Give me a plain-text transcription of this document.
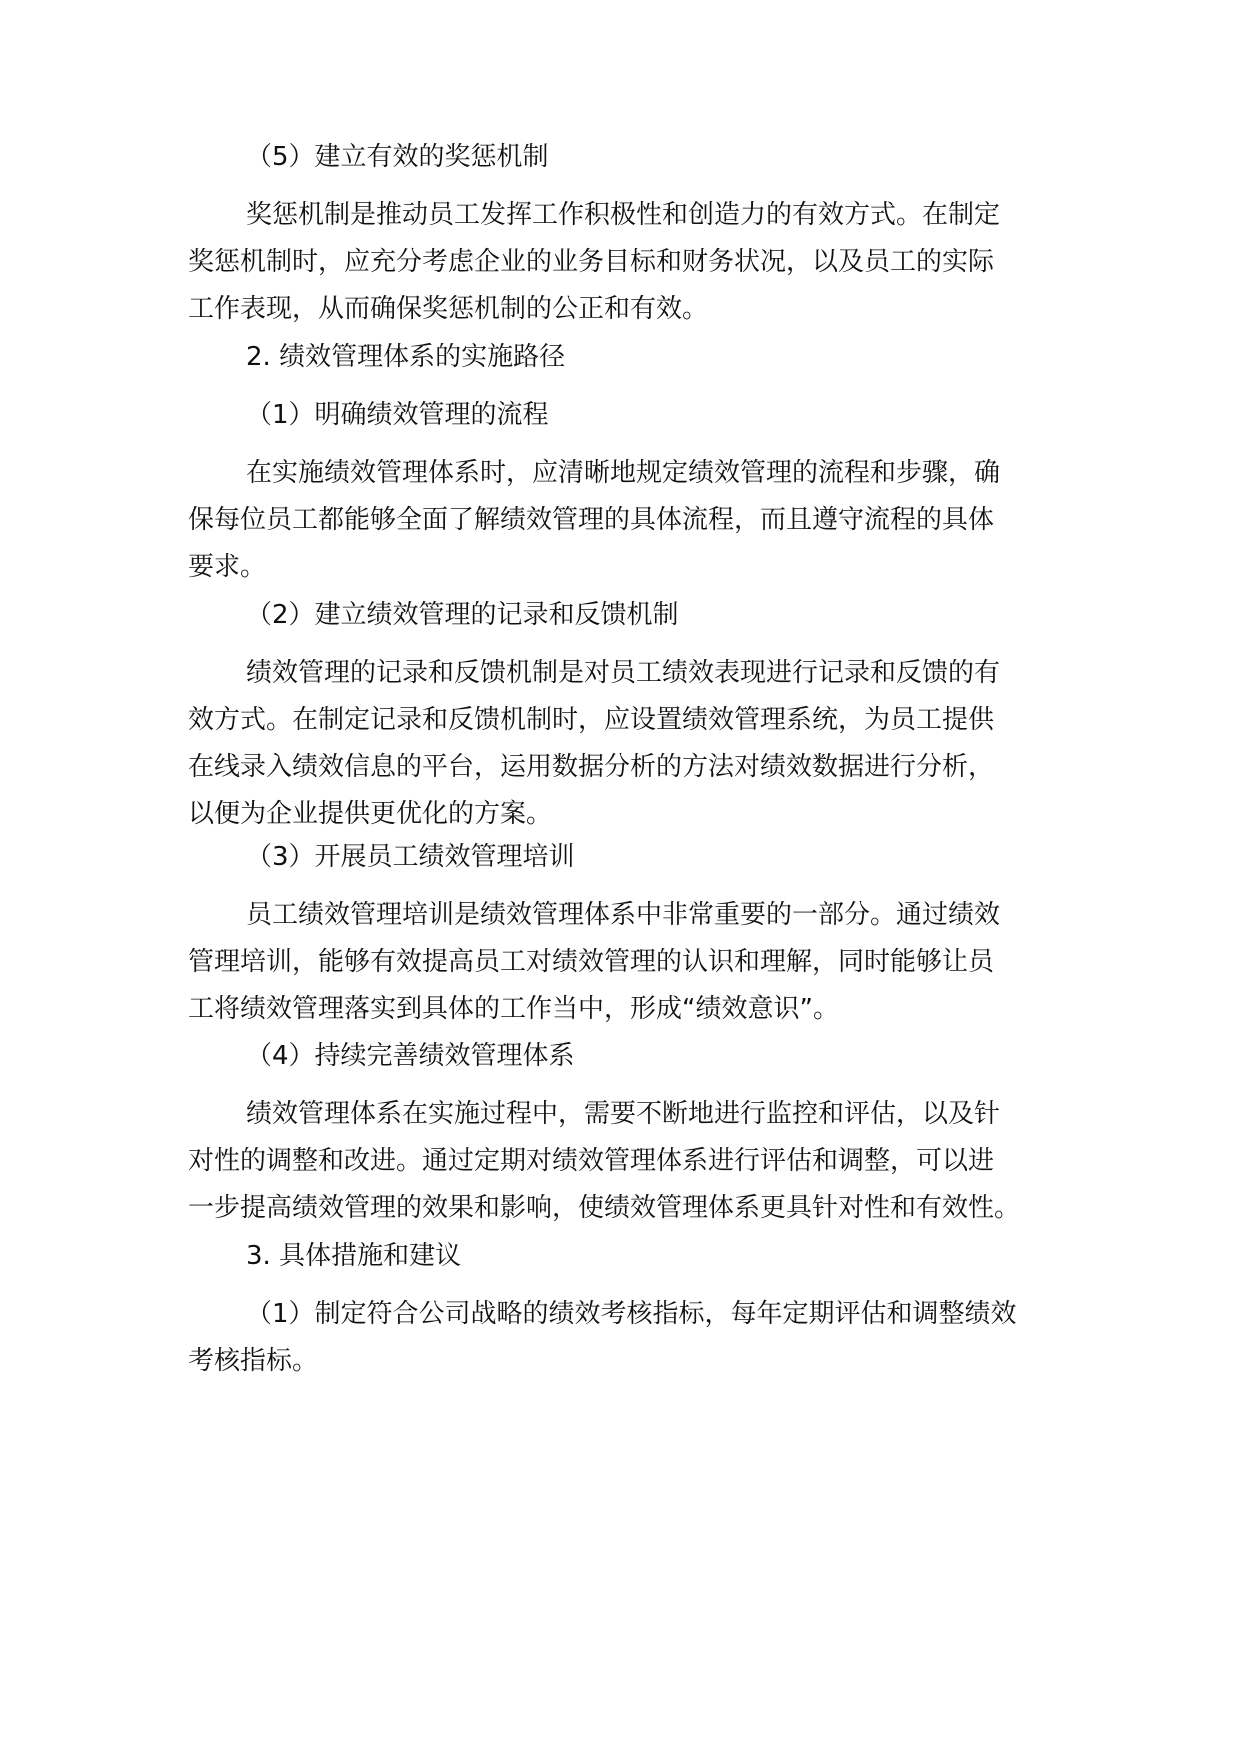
（5）建立有效的奖惩机制
奖惩机制是推动员工发挥工作积极性和创造力的有效方式。在制定
奖惩机制时，应充分考虑企业的业务目标和财务状况，以及员工的实际
工作表现，从而确保奖惩机制的公正和有效。
2. 绩效管理体系的实施路径
（1）明确绩效管理的流程
在实施绩效管理体系时，应清晰地规定绩效管理的流程和步骤，确
保每位员工都能够全面了解绩效管理的具体流程，而且遵守流程的具体
要求。
（2）建立绩效管理的记录和反馈机制
绩效管理的记录和反馈机制是对员工绩效表现进行记录和反馈的有
效方式。在制定记录和反馈机制时，应设置绩效管理系统，为员工提供
在线录入绩效信息的平台，运用数据分析的方法对绩效数据进行分析，
以便为企业提供更优化的方案。
（3）开展员工绩效管理培训
员工绩效管理培训是绩效管理体系中非常重要的一部分。通过绩效
管理培训，能够有效提高员工对绩效管理的认识和理解，同时能够让员
工将绩效管理落实到具体的工作当中，形成“绩效意识”。
（4）持续完善绩效管理体系
绩效管理体系在实施过程中，需要不断地进行监控和评估，以及针
对性的调整和改进。通过定期对绩效管理体系进行评估和调整，可以进
一步提高绩效管理的效果和影响，使绩效管理体系更具针对性和有效性。
3. 具体措施和建议
（1）制定符合公司战略的绩效考核指标，每年定期评估和调整绩效
考核指标。
